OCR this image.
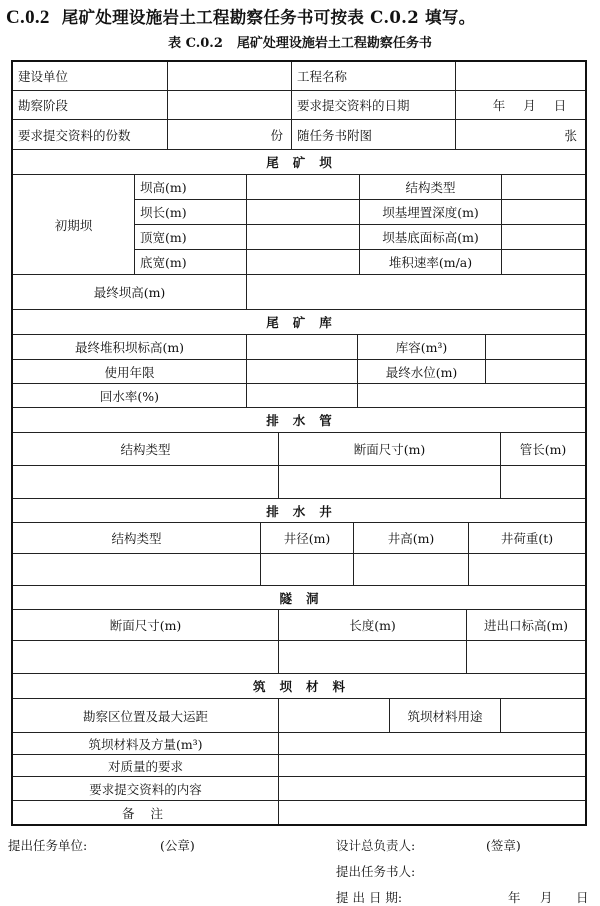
C.0.2 尾矿处理设施岩土工程勘察任务书可按表 C.0.2 填写。
表 C.0.2 尾矿处理设施岩土工程勘察任务书
建设单位	工程名称
勘察阶段	要求提交资料的日期	年 月 日
要求提交资料的份数	份	随任务书附图	张
尾矿坝
初期坝
坝高(m)	结构类型
坝长(m)	坝基埋置深度(m)
顶宽(m)	坝基底面标高(m)
底宽(m)	堆积速率(m/a)
最终坝高(m)
尾矿库
最终堆积坝标高(m)	库容(m³)
使用年限	最终水位(m)
回水率(%)
排水管
结构类型	断面尺寸(m)	管长(m)
排水井
结构类型	井径(m)	井高(m)	井荷重(t)
隧洞
断面尺寸(m)	长度(m)	进出口标高(m)
筑坝材料
勘察区位置及最大运距	筑坝材料用途
筑坝材料及方量(m³)
对质量的要求
要求提交资料的内容
备 注
提出任务单位:	(公章)	设计总负责人:	(签章)
提出任务书人:
提 出 日 期:	年 月 日
